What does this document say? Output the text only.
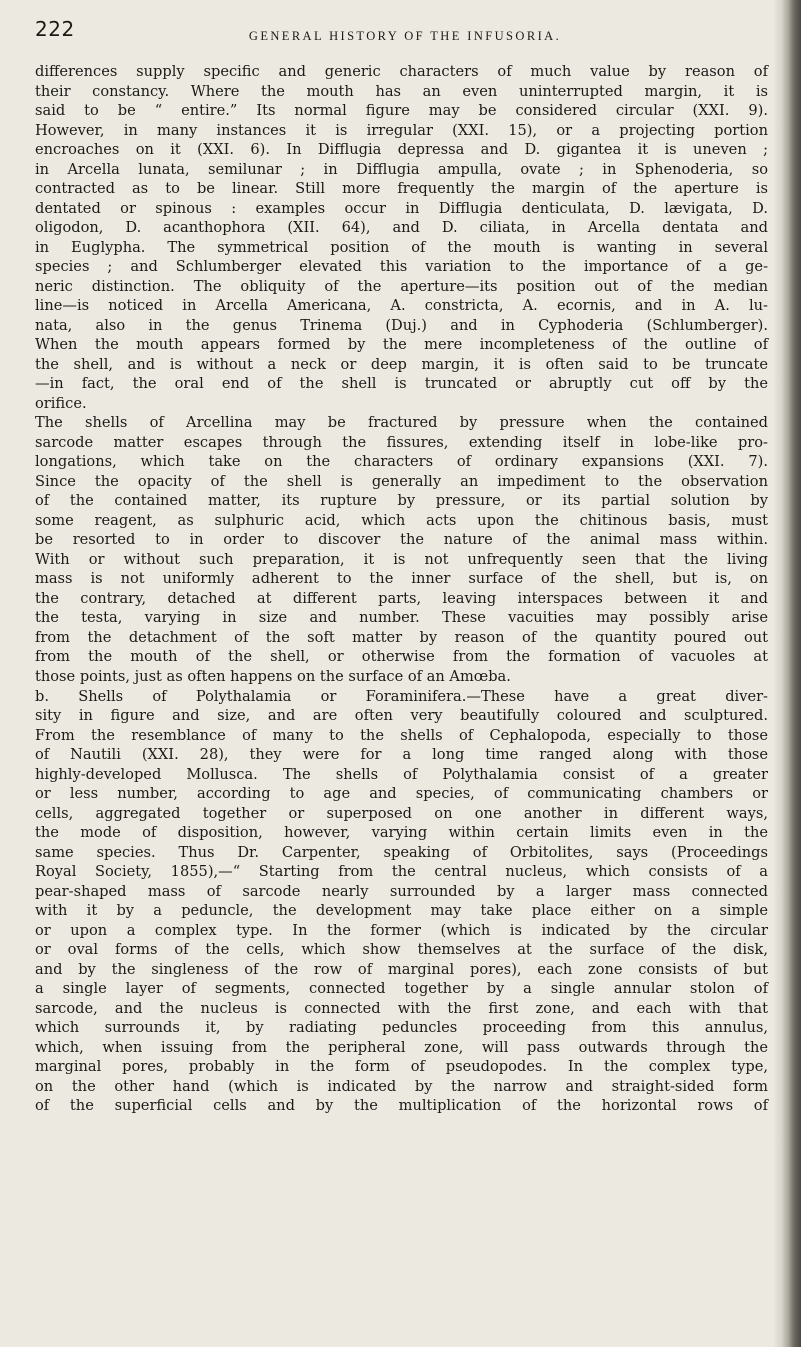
222	GENERAL HISTORY OF THE INFUSORIA.
differences supply specific and generic characters of much value by reason of
their constancy. Where the mouth has an even uninterrupted margin, it is
said to be “ entire.” Its normal figure may be considered circular (XXI. 9).
However, in many instances it is irregular (XXI. 15), or a projecting portion
encroaches on it (XXI. 6). In Difflugia depressa and D. gigantea it is uneven ;
in Arcella lunata, semilunar ; in Difflugia ampulla, ovate ; in Sphenoderia, so
contracted as to be linear. Still more frequently the margin of the aperture is
dentated or spinous : examples occur in Difflugia denticulata, D. lævigata, D.
oligodon, D. acanthophora (XII. 64), and D. ciliata, in Arcella dentata and
in Euglypha. The symmetrical position of the mouth is wanting in several
species ; and Schlumberger elevated this variation to the importance of a ge-
neric distinction. The obliquity of the aperture—its position out of the median
line—is noticed in Arcella Americana, A. constricta, A. ecornis, and in A. lu-
nata, also in the genus Trinema (Duj.) and in Cyphoderia (Schlumberger).
When the mouth appears formed by the mere incompleteness of the outline of
the shell, and is without a neck or deep margin, it is often said to be truncate
—in fact, the oral end of the shell is truncated or abruptly cut off by the
orifice.
The shells of Arcellina may be fractured by pressure when the contained
sarcode matter escapes through the fissures, extending itself in lobe-like pro-
longations, which take on the characters of ordinary expansions (XXI. 7).
Since the opacity of the shell is generally an impediment to the observation
of the contained matter, its rupture by pressure, or its partial solution by
some reagent, as sulphuric acid, which acts upon the chitinous basis, must
be resorted to in order to discover the nature of the animal mass within.
With or without such preparation, it is not unfrequently seen that the living
mass is not uniformly adherent to the inner surface of the shell, but is, on
the contrary, detached at different parts, leaving interspaces between it and
the testa, varying in size and number. These vacuities may possibly arise
from the detachment of the soft matter by reason of the quantity poured out
from the mouth of the shell, or otherwise from the formation of vacuoles at
those points, just as often happens on the surface of an Amœba.
b. Shells of Polythalamia or Foraminifera.—These have a great diver-
sity in figure and size, and are often very beautifully coloured and sculptured.
From the resemblance of many to the shells of Cephalopoda, especially to those
of Nautili (XXI. 28), they were for a long time ranged along with those
highly-developed Mollusca. The shells of Polythalamia consist of a greater
or less number, according to age and species, of communicating chambers or
cells, aggregated together or superposed on one another in different ways,
the mode of disposition, however, varying within certain limits even in the
same species. Thus Dr. Carpenter, speaking of Orbitolites, says (Proceedings
Royal Society, 1855),—“ Starting from the central nucleus, which consists of a
pear-shaped mass of sarcode nearly surrounded by a larger mass connected
with it by a peduncle, the development may take place either on a simple
or upon a complex type. In the former (which is indicated by the circular
or oval forms of the cells, which show themselves at the surface of the disk,
and by the singleness of the row of marginal pores), each zone consists of but
a single layer of segments, connected together by a single annular stolon of
sarcode, and the nucleus is connected with the first zone, and each with that
which surrounds it, by radiating peduncles proceeding from this annulus,
which, when issuing from the peripheral zone, will pass outwards through the
marginal pores, probably in the form of pseudopodes. In the complex type,
on the other hand (which is indicated by the narrow and straight-sided form
of the superficial cells and by the multiplication of the horizontal rows of
